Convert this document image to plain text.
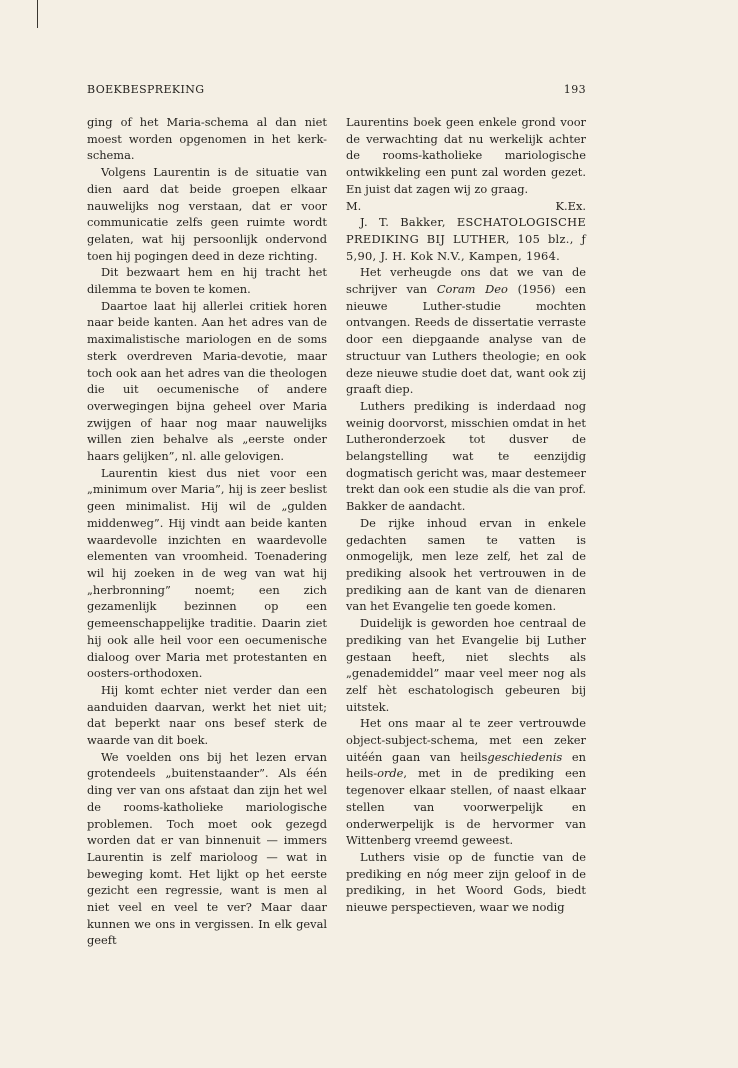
BOEKBESPREKING	193

ging of het Maria-schema al dan niet moest worden opgenomen in het kerk-schema.

Volgens Laurentin is de situatie van dien aard dat beide groepen elkaar nauwelijks nog verstaan, dat er voor communicatie zelfs geen ruimte wordt gelaten, wat hij persoonlijk ondervond toen hij pogingen deed in deze richting.

Dit bezwaart hem en hij tracht het dilemma te boven te komen.

Daartoe laat hij allerlei critiek horen naar beide kanten. Aan het adres van de maximalistische mariologen en de soms sterk overdreven Maria-devotie, maar toch ook aan het adres van die theologen die uit oecumenische of andere overwegingen bijna geheel over Maria zwijgen of haar nog maar nauwelijks willen zien behalve als „eerste onder haars gelijken”, nl. alle gelovigen.

Laurentin kiest dus niet voor een „minimum over Maria”, hij is zeer beslist geen minimalist. Hij wil de „gulden middenweg”. Hij vindt aan beide kanten waardevolle inzichten en waardevolle elementen van vroomheid. Toenadering wil hij zoeken in de weg van wat hij „herbronning” noemt; een zich gezamenlijk bezinnen op een gemeenschappelijke traditie. Daarin ziet hij ook alle heil voor een oecumenische dialoog over Maria met protestanten en oosters-orthodoxen.

Hij komt echter niet verder dan een aanduiden daarvan, werkt het niet uit; dat beperkt naar ons besef sterk de waarde van dit boek.

We voelden ons bij het lezen ervan grotendeels „buitenstaander”. Als één ding ver van ons afstaat dan zijn het wel de rooms-katholieke mariologische problemen. Toch moet ook gezegd worden dat er van binnenuit — immers Laurentin is zelf marioloog — wat in beweging komt. Het lijkt op het eerste gezicht een regressie, want is men al niet veel en veel te ver? Maar daar kunnen we ons in vergissen. In elk geval geeft

Laurentins boek geen enkele grond voor de verwachting dat nu werkelijk achter de rooms-katholieke mariologische ontwikkeling een punt zal worden gezet. En juist dat zagen wij zo graag.

M.	K.Ex.

J. T. Bakker, ESCHATOLOGISCHE PREDIKING BIJ LUTHER, 105 blz., ƒ 5,90, J. H. Kok N.V., Kampen, 1964.

Het verheugde ons dat we van de schrijver van Coram Deo (1956) een nieuwe Luther-studie mochten ontvangen. Reeds de dissertatie verraste door een diepgaande analyse van de structuur van Luthers theologie; en ook deze nieuwe studie doet dat, want ook zij graaft diep.

Luthers prediking is inderdaad nog weinig doorvorst, misschien omdat in het Lutheronderzoek tot dusver de belangstelling wat te eenzijdig dogmatisch gericht was, maar destemeer trekt dan ook een studie als die van prof. Bakker de aandacht.

De rijke inhoud ervan in enkele gedachten samen te vatten is onmogelijk, men leze zelf, het zal de prediking alsook het vertrouwen in de prediking aan de kant van de dienaren van het Evangelie ten goede komen.

Duidelijk is geworden hoe centraal de prediking van het Evangelie bij Luther gestaan heeft, niet slechts als „genademiddel” maar veel meer nog als zelf hèt eschatologisch gebeuren bij uitstek.

Het ons maar al te zeer vertrouwde object-subject-schema, met een zeker uitéén gaan van heilsgeschiedenis en heils-orde, met in de prediking een tegenover elkaar stellen, of naast elkaar stellen van voorwerpelijk en onderwerpelijk is de hervormer van Wittenberg vreemd geweest.

Luthers visie op de functie van de prediking en nóg meer zijn geloof in de prediking, in het Woord Gods, biedt nieuwe perspectieven, waar we nodig
